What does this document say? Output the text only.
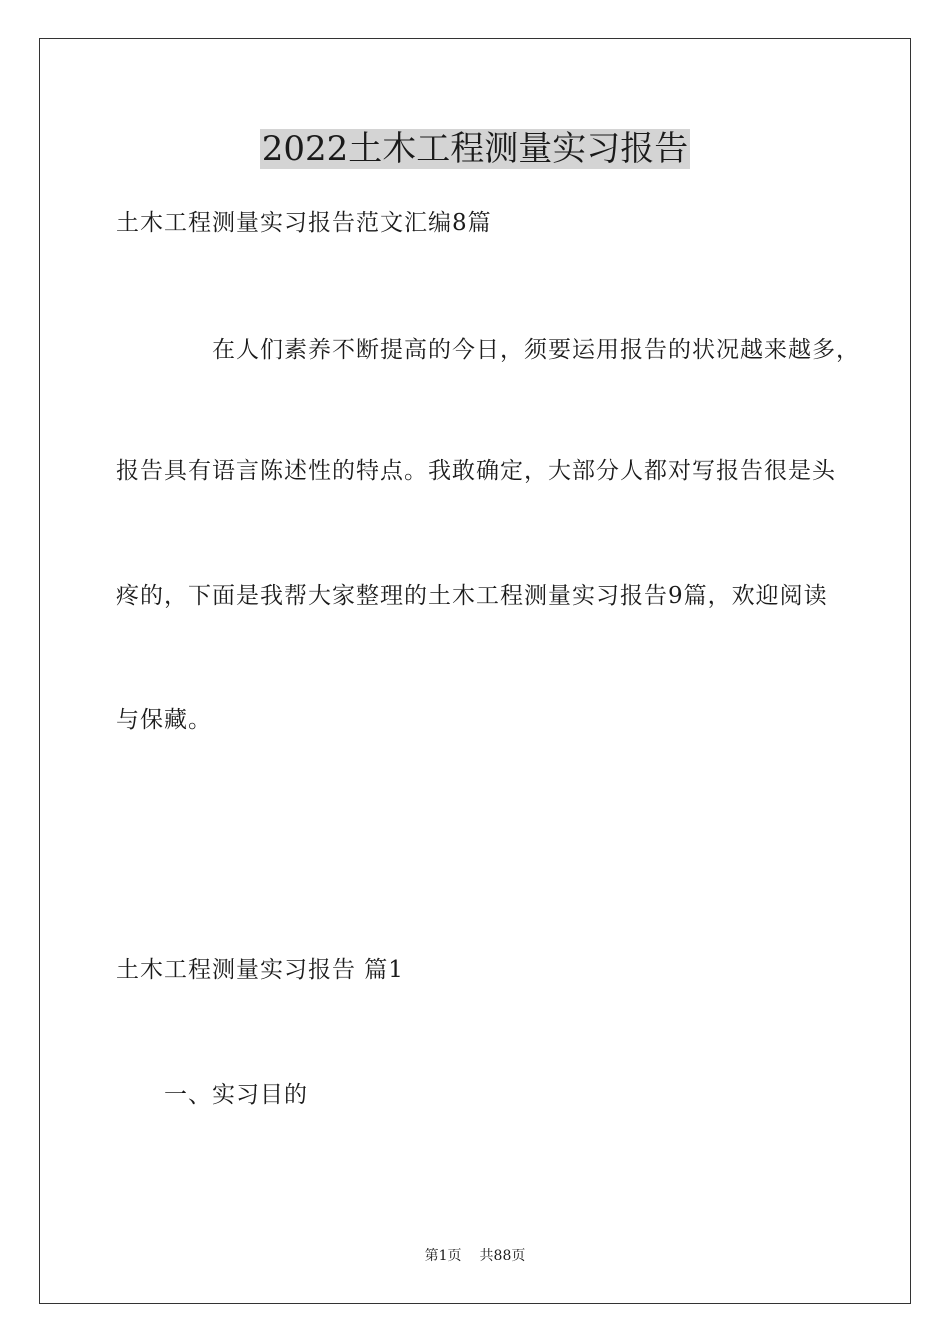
2022土木工程测量实习报告
土木工程测量实习报告范文汇编8篇
在人们素养不断提高的今日，须要运用报告的状况越来越多，
报告具有语言陈述性的特点。我敢确定，大部分人都对写报告很是头
疼的，下面是我帮大家整理的土木工程测量实习报告9篇，欢迎阅读
与保藏。
土木工程测量实习报告 篇1
一、实习目的
第1页 共88页
